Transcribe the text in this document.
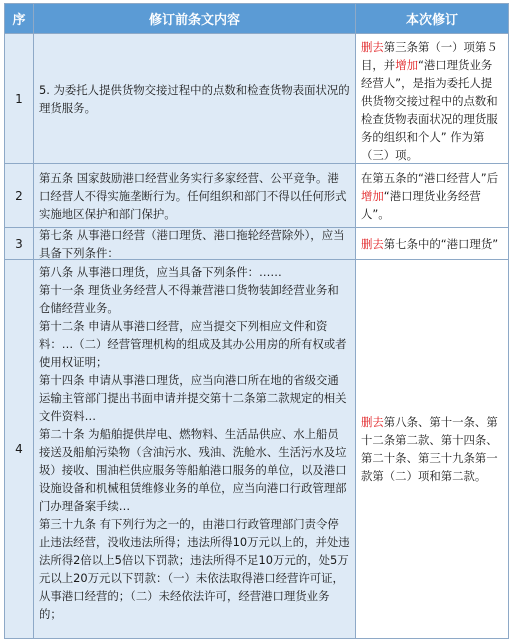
序	修订前条文内容	本次修订
1

5. 为委托人提供货物交接过程中的点数和检查货物表面状况的理货服务。

删去第三条第（一）项第５目，并增加“港口理货业务经营人”，是指为委托人提供货物交接过程中的点数和检查货物表面状况的理货服务的组织和个人” 作为第（三）项。

2

第五条 国家鼓励港口经营业务实行多家经营、公平竞争。港口经营人不得实施垄断行为。任何组织和部门不得以任何形式实施地区保护和部门保护。

在第五条的“港口经营人”后增加“港口理货业务经营人”。

3

第七条 从事港口经营（港口理货、港口拖轮经营除外），应当具备下列条件：

删去第七条中的“港口理货”

4

第八条 从事港口理货，应当具备下列条件：……

第十一条 理货业务经营人不得兼营港口货物装卸经营业务和仓储经营业务。

第十二条 申请从事港口经营，应当提交下列相应文件和资料：…（二）经营管理机构的组成及其办公用房的所有权或者使用权证明；

第十四条 申请从事港口理货，应当向港口所在地的省级交通运输主管部门提出书面申请并提交第十二条第二款规定的相关文件资料…

第二十条 为船舶提供岸电、燃物料、生活品供应、水上船员接送及船舶污染物（含油污水、残油、洗舱水、生活污水及垃圾）接收、围油栏供应服务等船舶港口服务的单位，以及港口设施设备和机械租赁维修业务的单位，应当向港口行政管理部门办理备案手续…

第三十九条 有下列行为之一的，由港口行政管理部门责令停止违法经营，没收违法所得；违法所得10万元以上的，并处违法所得2倍以上5倍以下罚款；违法所得不足10万元的，处5万元以上20万元以下罚款：（一）未依法取得港口经营许可证，从事港口经营的；（二）未经依法许可，经营港口理货业务的；

删去第八条、第十一条、第十二条第二款、第十四条、第二十条、第三十九条第一款第（二）项和第二款。
